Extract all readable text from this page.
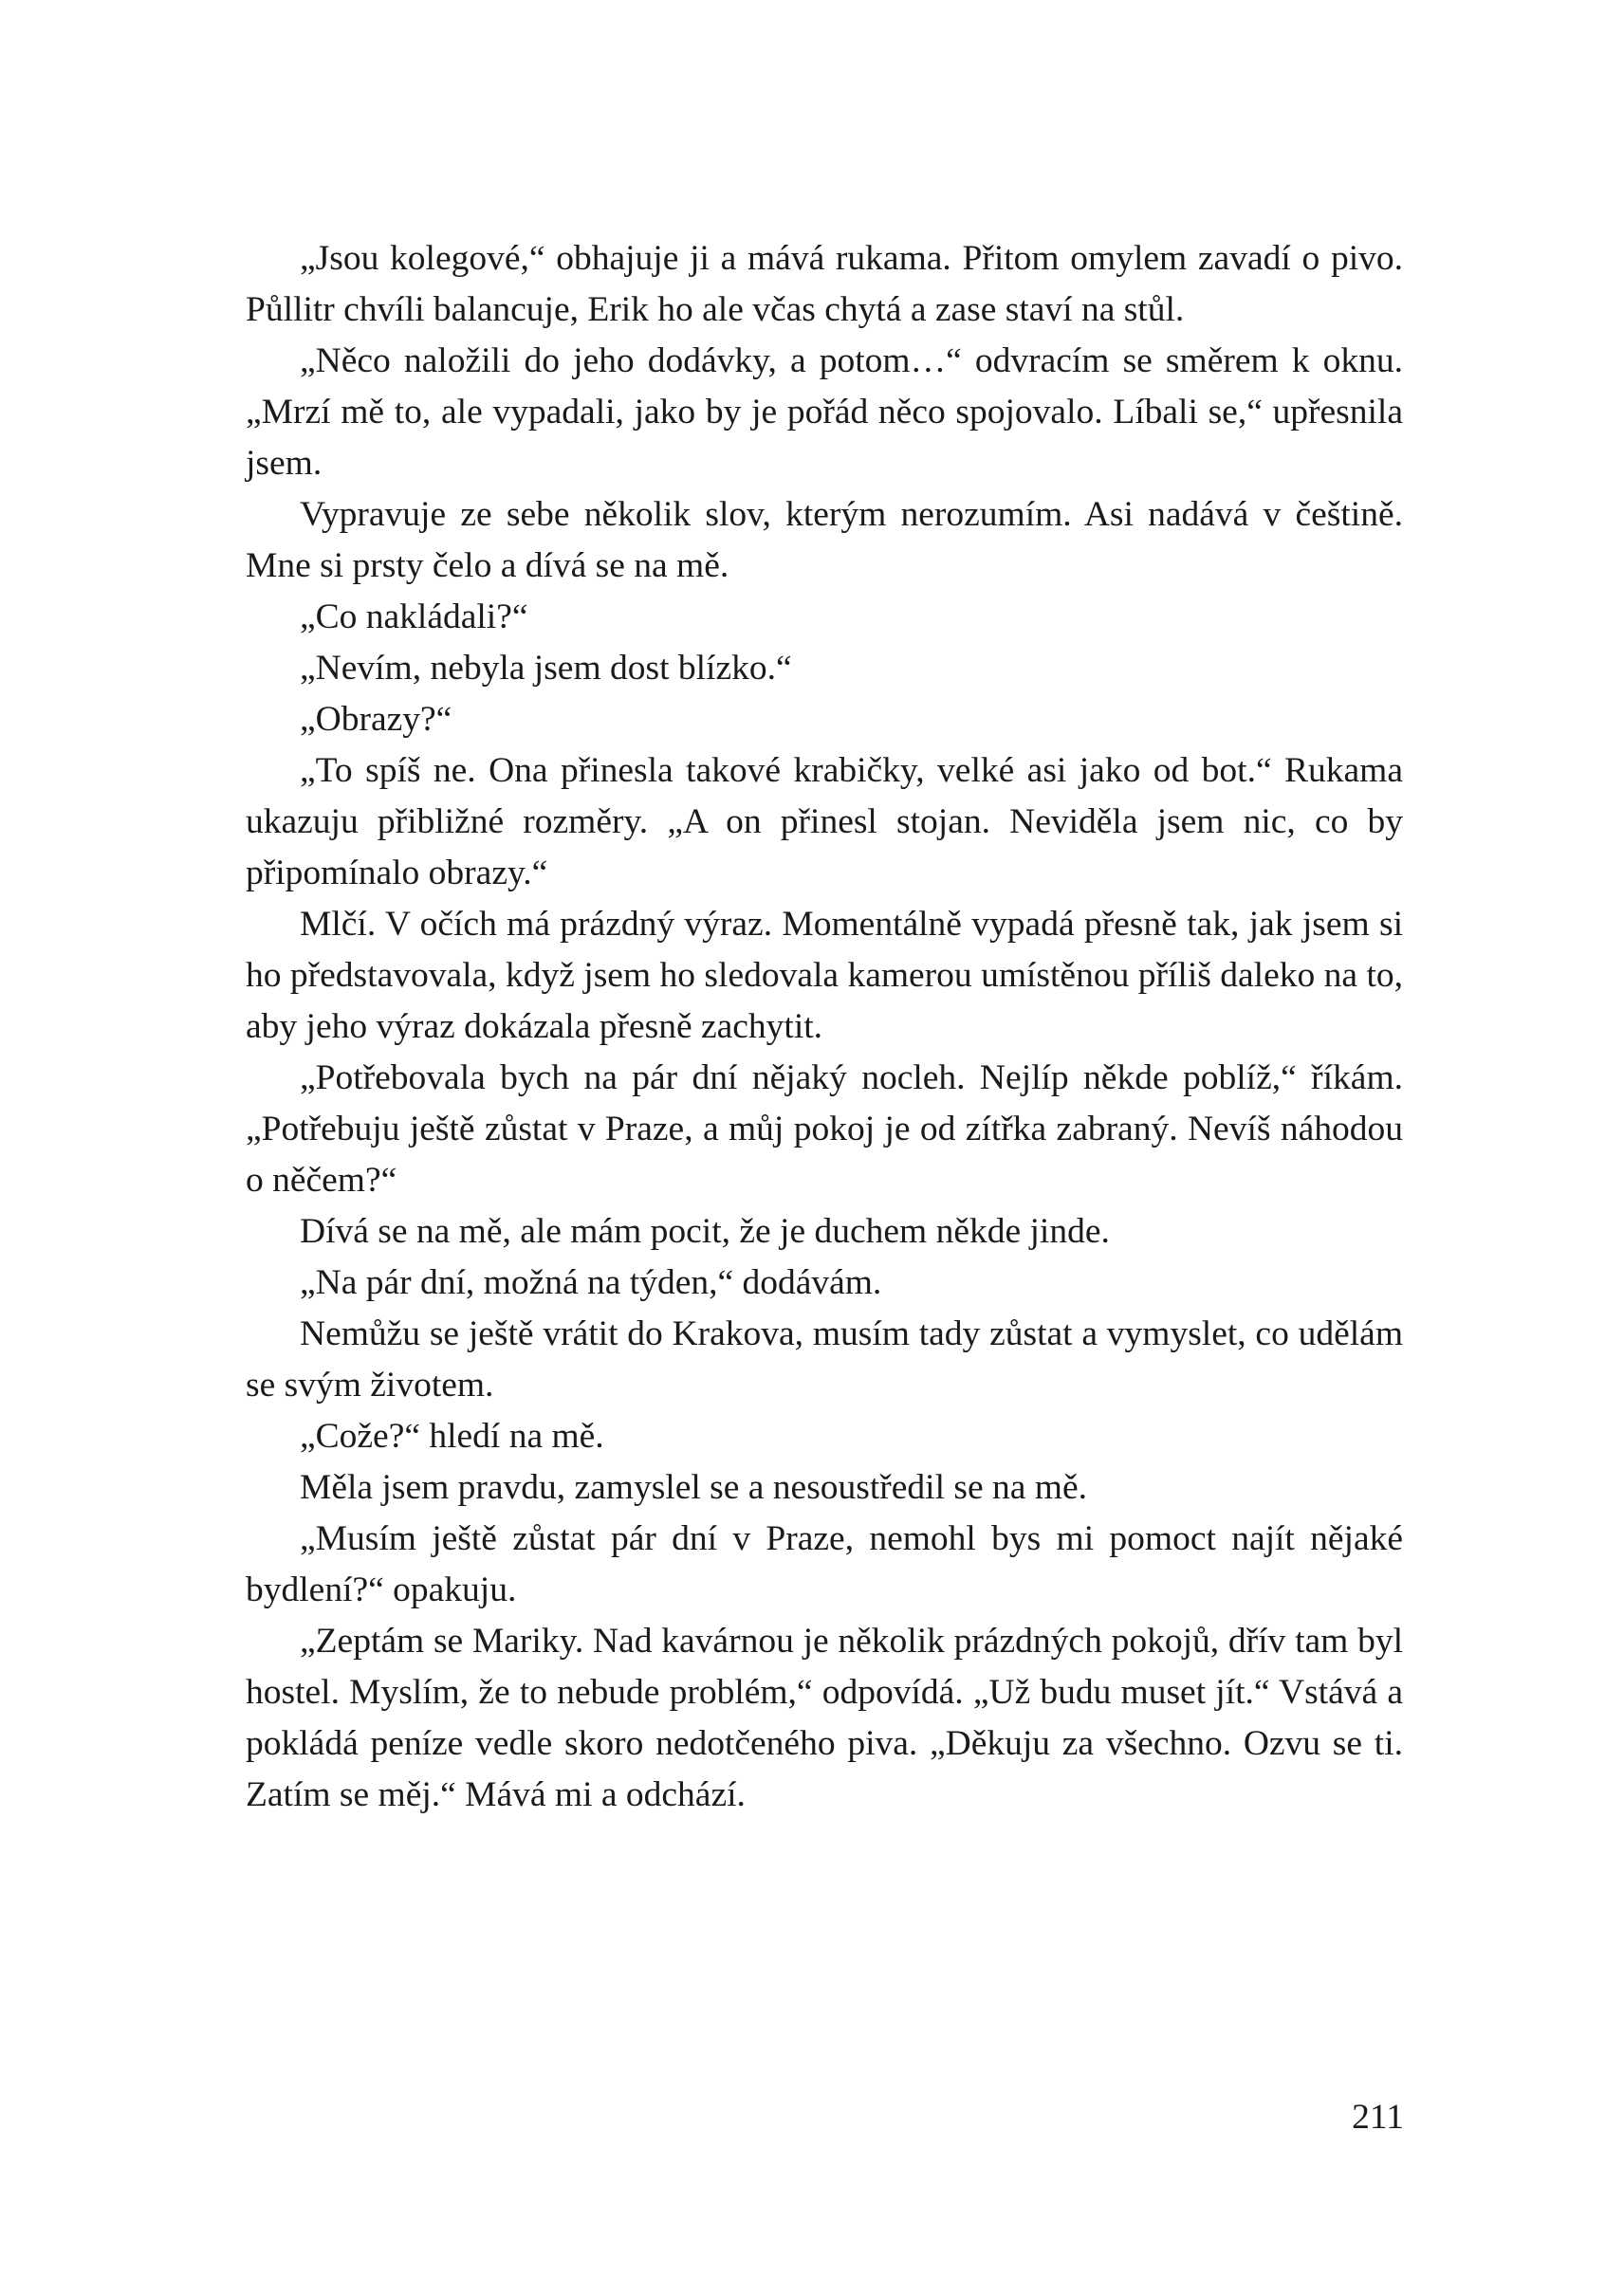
„Jsou kolegové,“ obhajuje ji a mává rukama. Přitom omylem zavadí o pivo. Půllitr chvíli balancuje, Erik ho ale včas chytá a zase staví na stůl.

„Něco naložili do jeho dodávky, a potom…“ odvracím se směrem k oknu. „Mrzí mě to, ale vypadali, jako by je pořád něco spojovalo. Líbali se,“ upřesnila jsem.

Vypravuje ze sebe několik slov, kterým nerozumím. Asi nadává v češtině. Mne si prsty čelo a dívá se na mě.

„Co nakládali?“

„Nevím, nebyla jsem dost blízko.“

„Obrazy?“

„To spíš ne. Ona přinesla takové krabičky, velké asi jako od bot.“ Rukama ukazuju přibližné rozměry. „A on přinesl stojan. Neviděla jsem nic, co by připomínalo obrazy.“

Mlčí. V očích má prázdný výraz. Momentálně vypadá přesně tak, jak jsem si ho představovala, když jsem ho sledovala kamerou umístěnou příliš daleko na to, aby jeho výraz dokázala přesně zachytit.

„Potřebovala bych na pár dní nějaký nocleh. Nejlíp někde poblíž,“ říkám. „Potřebuju ještě zůstat v Praze, a můj pokoj je od zítřka zabraný. Nevíš náhodou o něčem?“

Dívá se na mě, ale mám pocit, že je duchem někde jinde.

„Na pár dní, možná na týden,“ dodávám.

Nemůžu se ještě vrátit do Krakova, musím tady zůstat a vymyslet, co udělám se svým životem.

„Cože?“ hledí na mě.

Měla jsem pravdu, zamyslel se a nesoustředil se na mě.

„Musím ještě zůstat pár dní v Praze, nemohl bys mi pomoct najít nějaké bydlení?“ opakuju.

„Zeptám se Mariky. Nad kavárnou je několik prázdných pokojů, dřív tam byl hostel. Myslím, že to nebude problém,“ odpovídá. „Už budu muset jít.“ Vstává a pokládá peníze vedle skoro nedotčeného piva. „Děkuju za všechno. Ozvu se ti. Zatím se měj.“ Mává mi a odchází.

211
